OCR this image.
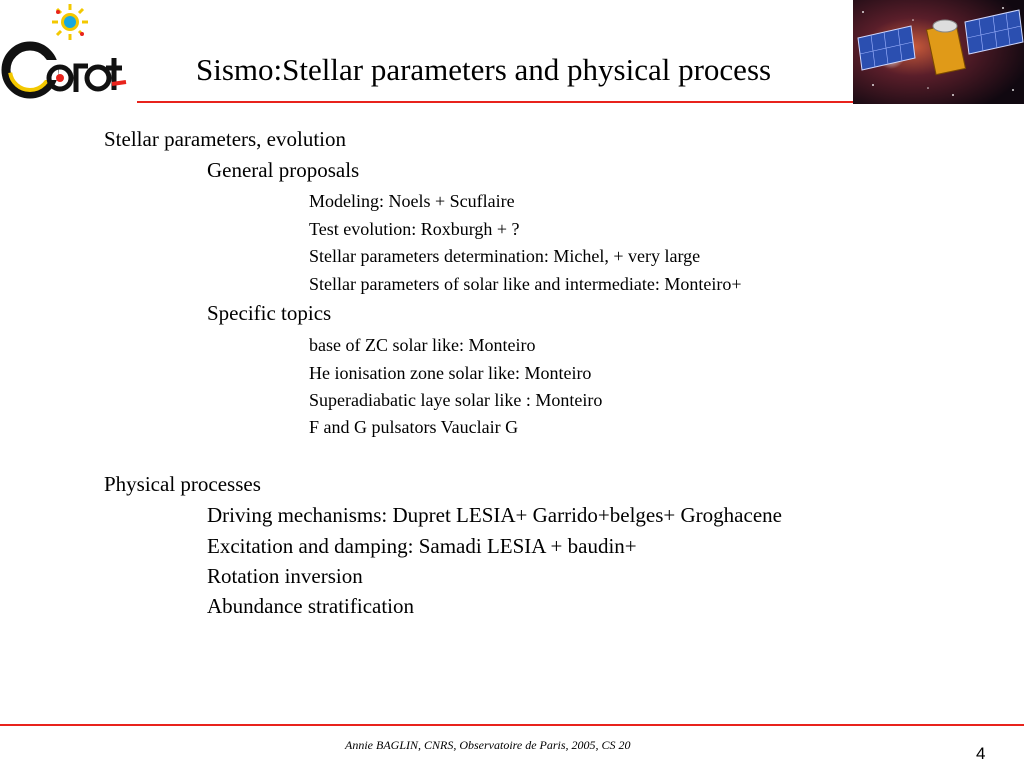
Sismo:Stellar parameters and physical process
Stellar parameters, evolution
General proposals
Modeling: Noels + Scuflaire
Test evolution: Roxburgh + ?
Stellar parameters determination: Michel, + very large
Stellar parameters of solar like and intermediate: Monteiro+
Specific topics
base of ZC solar like: Monteiro
He ionisation zone solar like: Monteiro
Superadiabatic laye solar like : Monteiro
F and G pulsators Vauclair G
Physical processes
Driving mechanisms: Dupret LESIA+ Garrido+belges+ Groghacene
Excitation and damping: Samadi LESIA + baudin+
Rotation inversion
Abundance stratification
Annie BAGLIN, CNRS, Observatoire de Paris, 2005, CS 20	4
